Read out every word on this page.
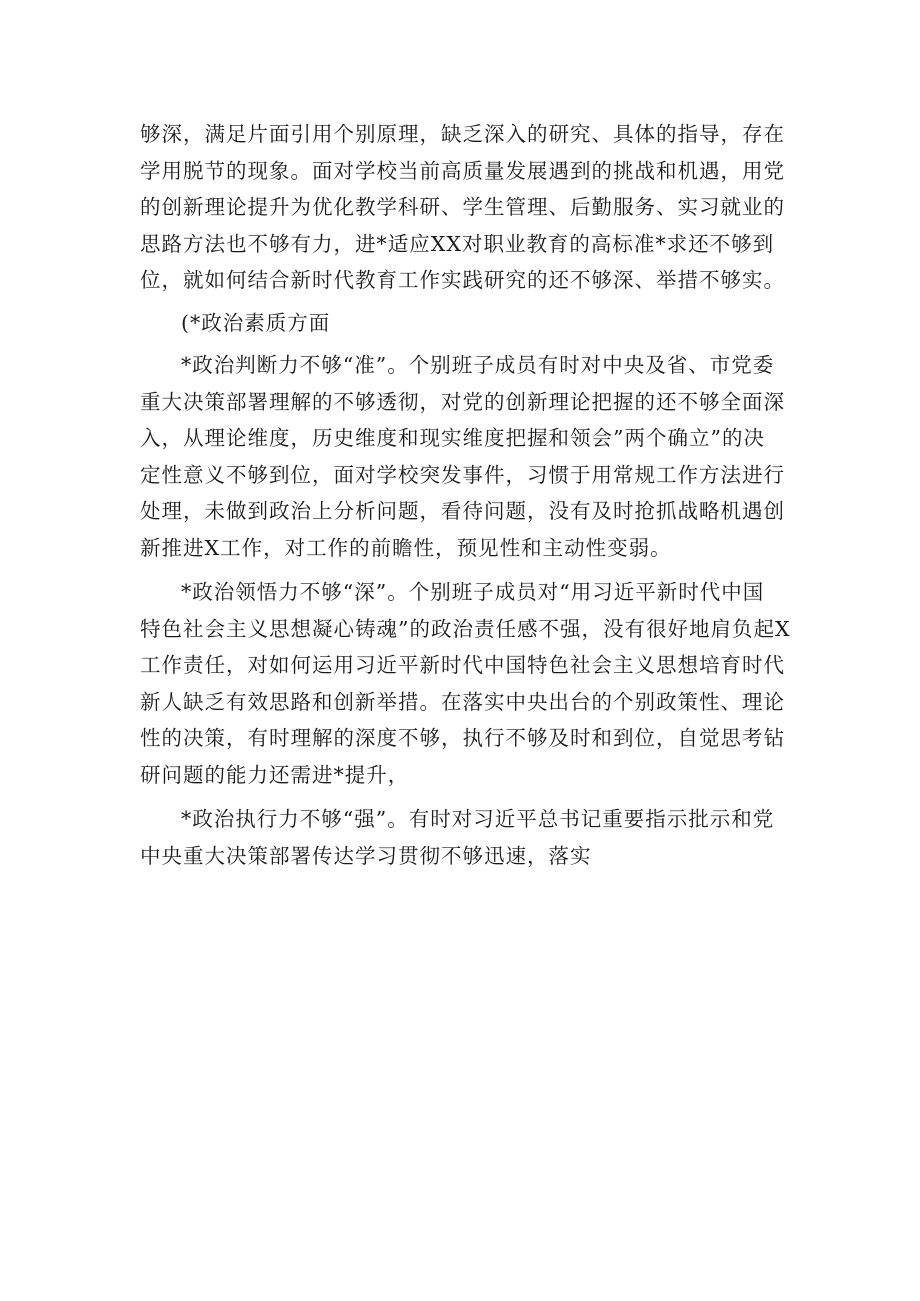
够深，满足片面引用个别原理，缺乏深入的研究、具体的指导，存在
学用脱节的现象。面对学校当前高质量发展遇到的挑战和机遇，用党
的创新理论提升为优化教学科研、学生管理、后勤服务、实习就业的
思路方法也不够有力，进*适应XX对职业教育的高标准*求还不够到
位，就如何结合新时代教育工作实践研究的还不够深、举措不够实。

(*政治素质方面

*政治判断力不够“准”。个别班子成员有时对中央及省、市党委
重大决策部署理解的不够透彻，对党的创新理论把握的还不够全面深
入，从理论维度，历史维度和现实维度把握和领会”两个确立”的决
定性意义不够到位，面对学校突发事件，习惯于用常规工作方法进行
处理，未做到政治上分析问题，看待问题，没有及时抢抓战略机遇创
新推进X工作，对工作的前瞻性，预见性和主动性变弱。

*政治领悟力不够“深”。个别班子成员对“用习近平新时代中国
特色社会主义思想凝心铸魂”的政治责任感不强，没有很好地肩负起X
工作责任，对如何运用习近平新时代中国特色社会主义思想培育时代
新人缺乏有效思路和创新举措。在落实中央出台的个别政策性、理论
性的决策，有时理解的深度不够，执行不够及时和到位，自觉思考钻
研问题的能力还需进*提升，

*政治执行力不够“强”。有时对习近平总书记重要指示批示和党
中央重大决策部署传达学习贯彻不够迅速，落实
